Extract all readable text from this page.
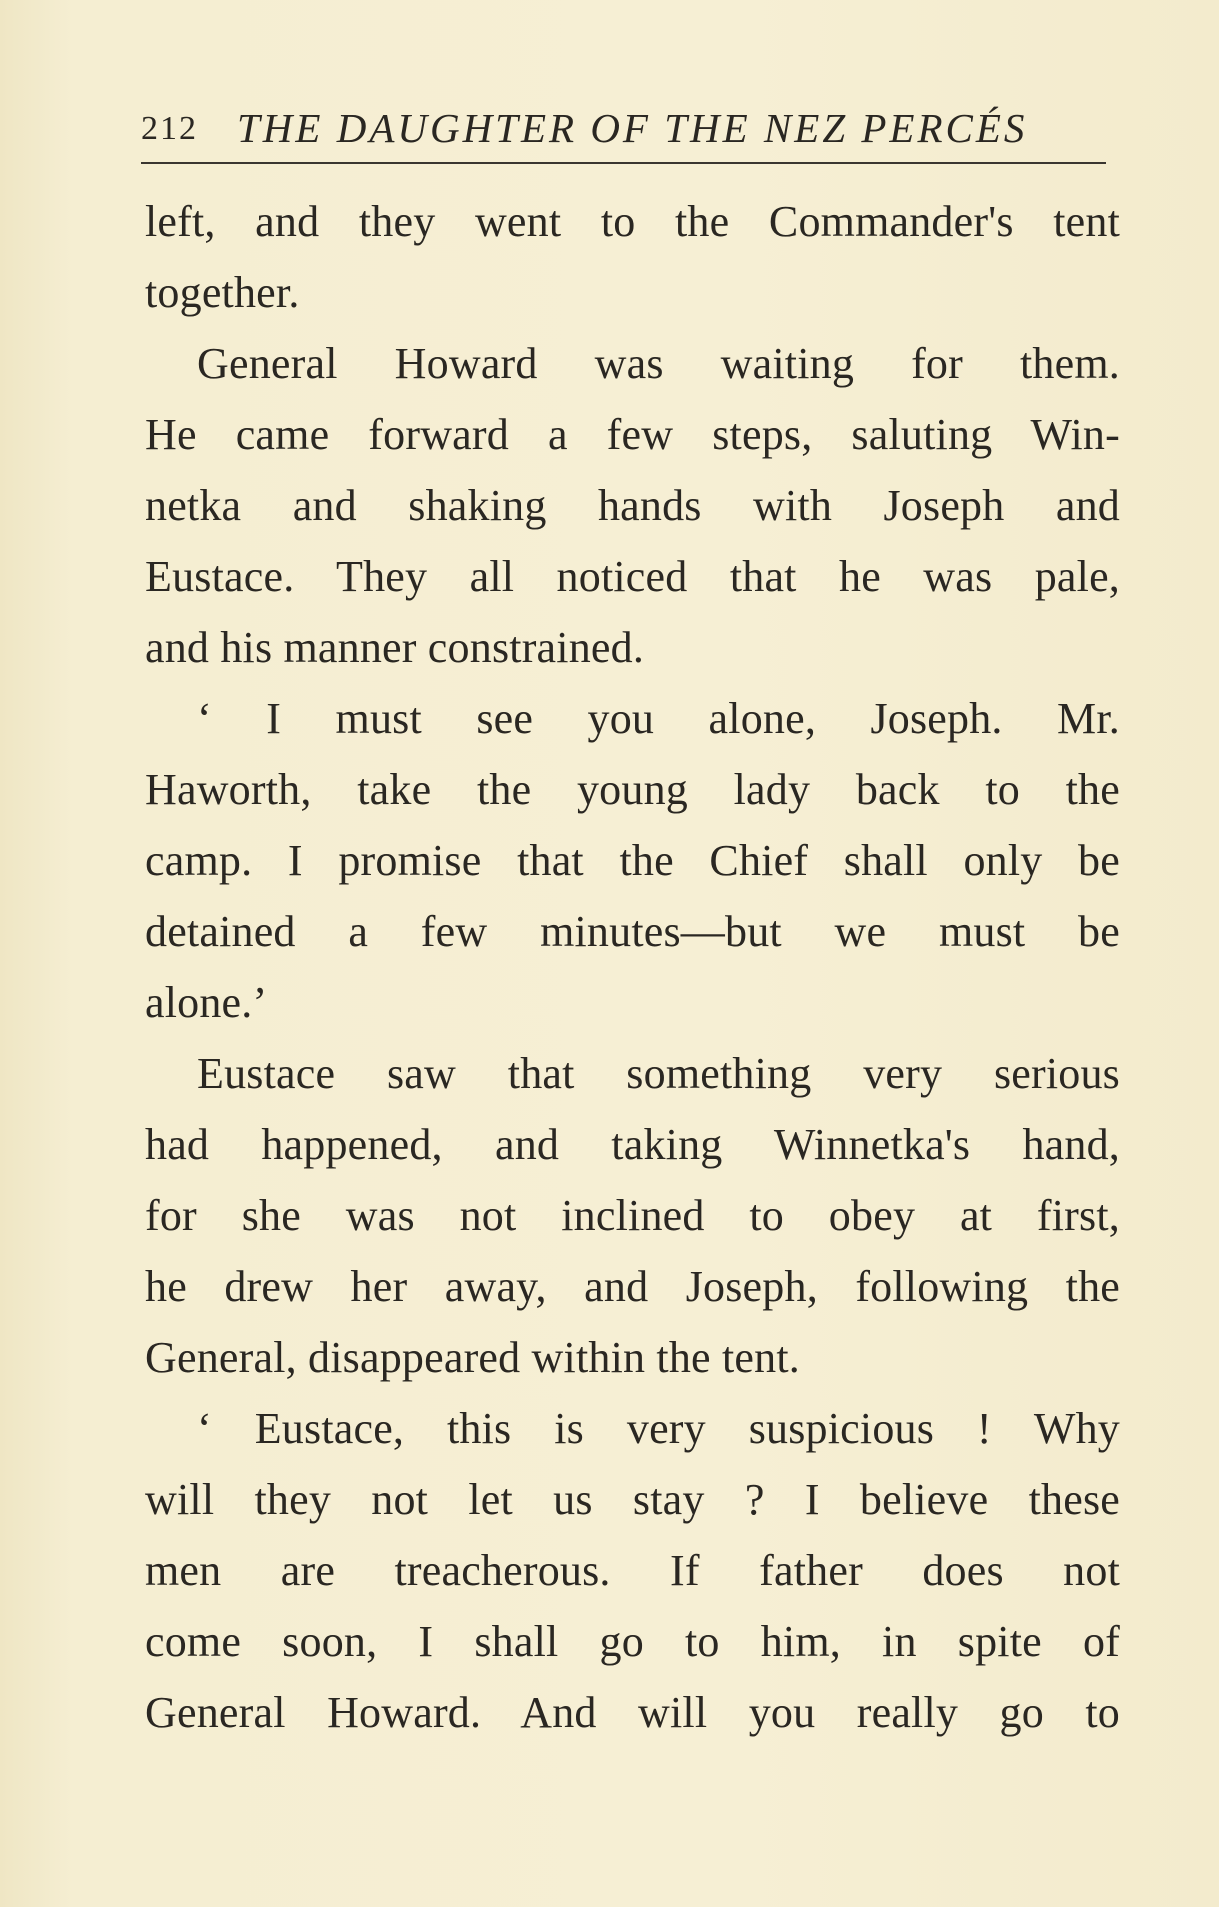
212 THE DAUGHTER OF THE NEZ PERCÉS
left, and they went to the Commander's tent
together.
General Howard was waiting for them.
He came forward a few steps, saluting Win-
netka and shaking hands with Joseph and
Eustace. They all noticed that he was pale,
and his manner constrained.
‘ I must see you alone, Joseph. Mr.
Haworth, take the young lady back to the
camp. I promise that the Chief shall only be
detained a few minutes—but we must be
alone.’
Eustace saw that something very serious
had happened, and taking Winnetka's hand,
for she was not inclined to obey at first,
he drew her away, and Joseph, following the
General, disappeared within the tent.
‘ Eustace, this is very suspicious ! Why
will they not let us stay ? I believe these
men are treacherous. If father does not
come soon, I shall go to him, in spite of
General Howard. And will you really go to
